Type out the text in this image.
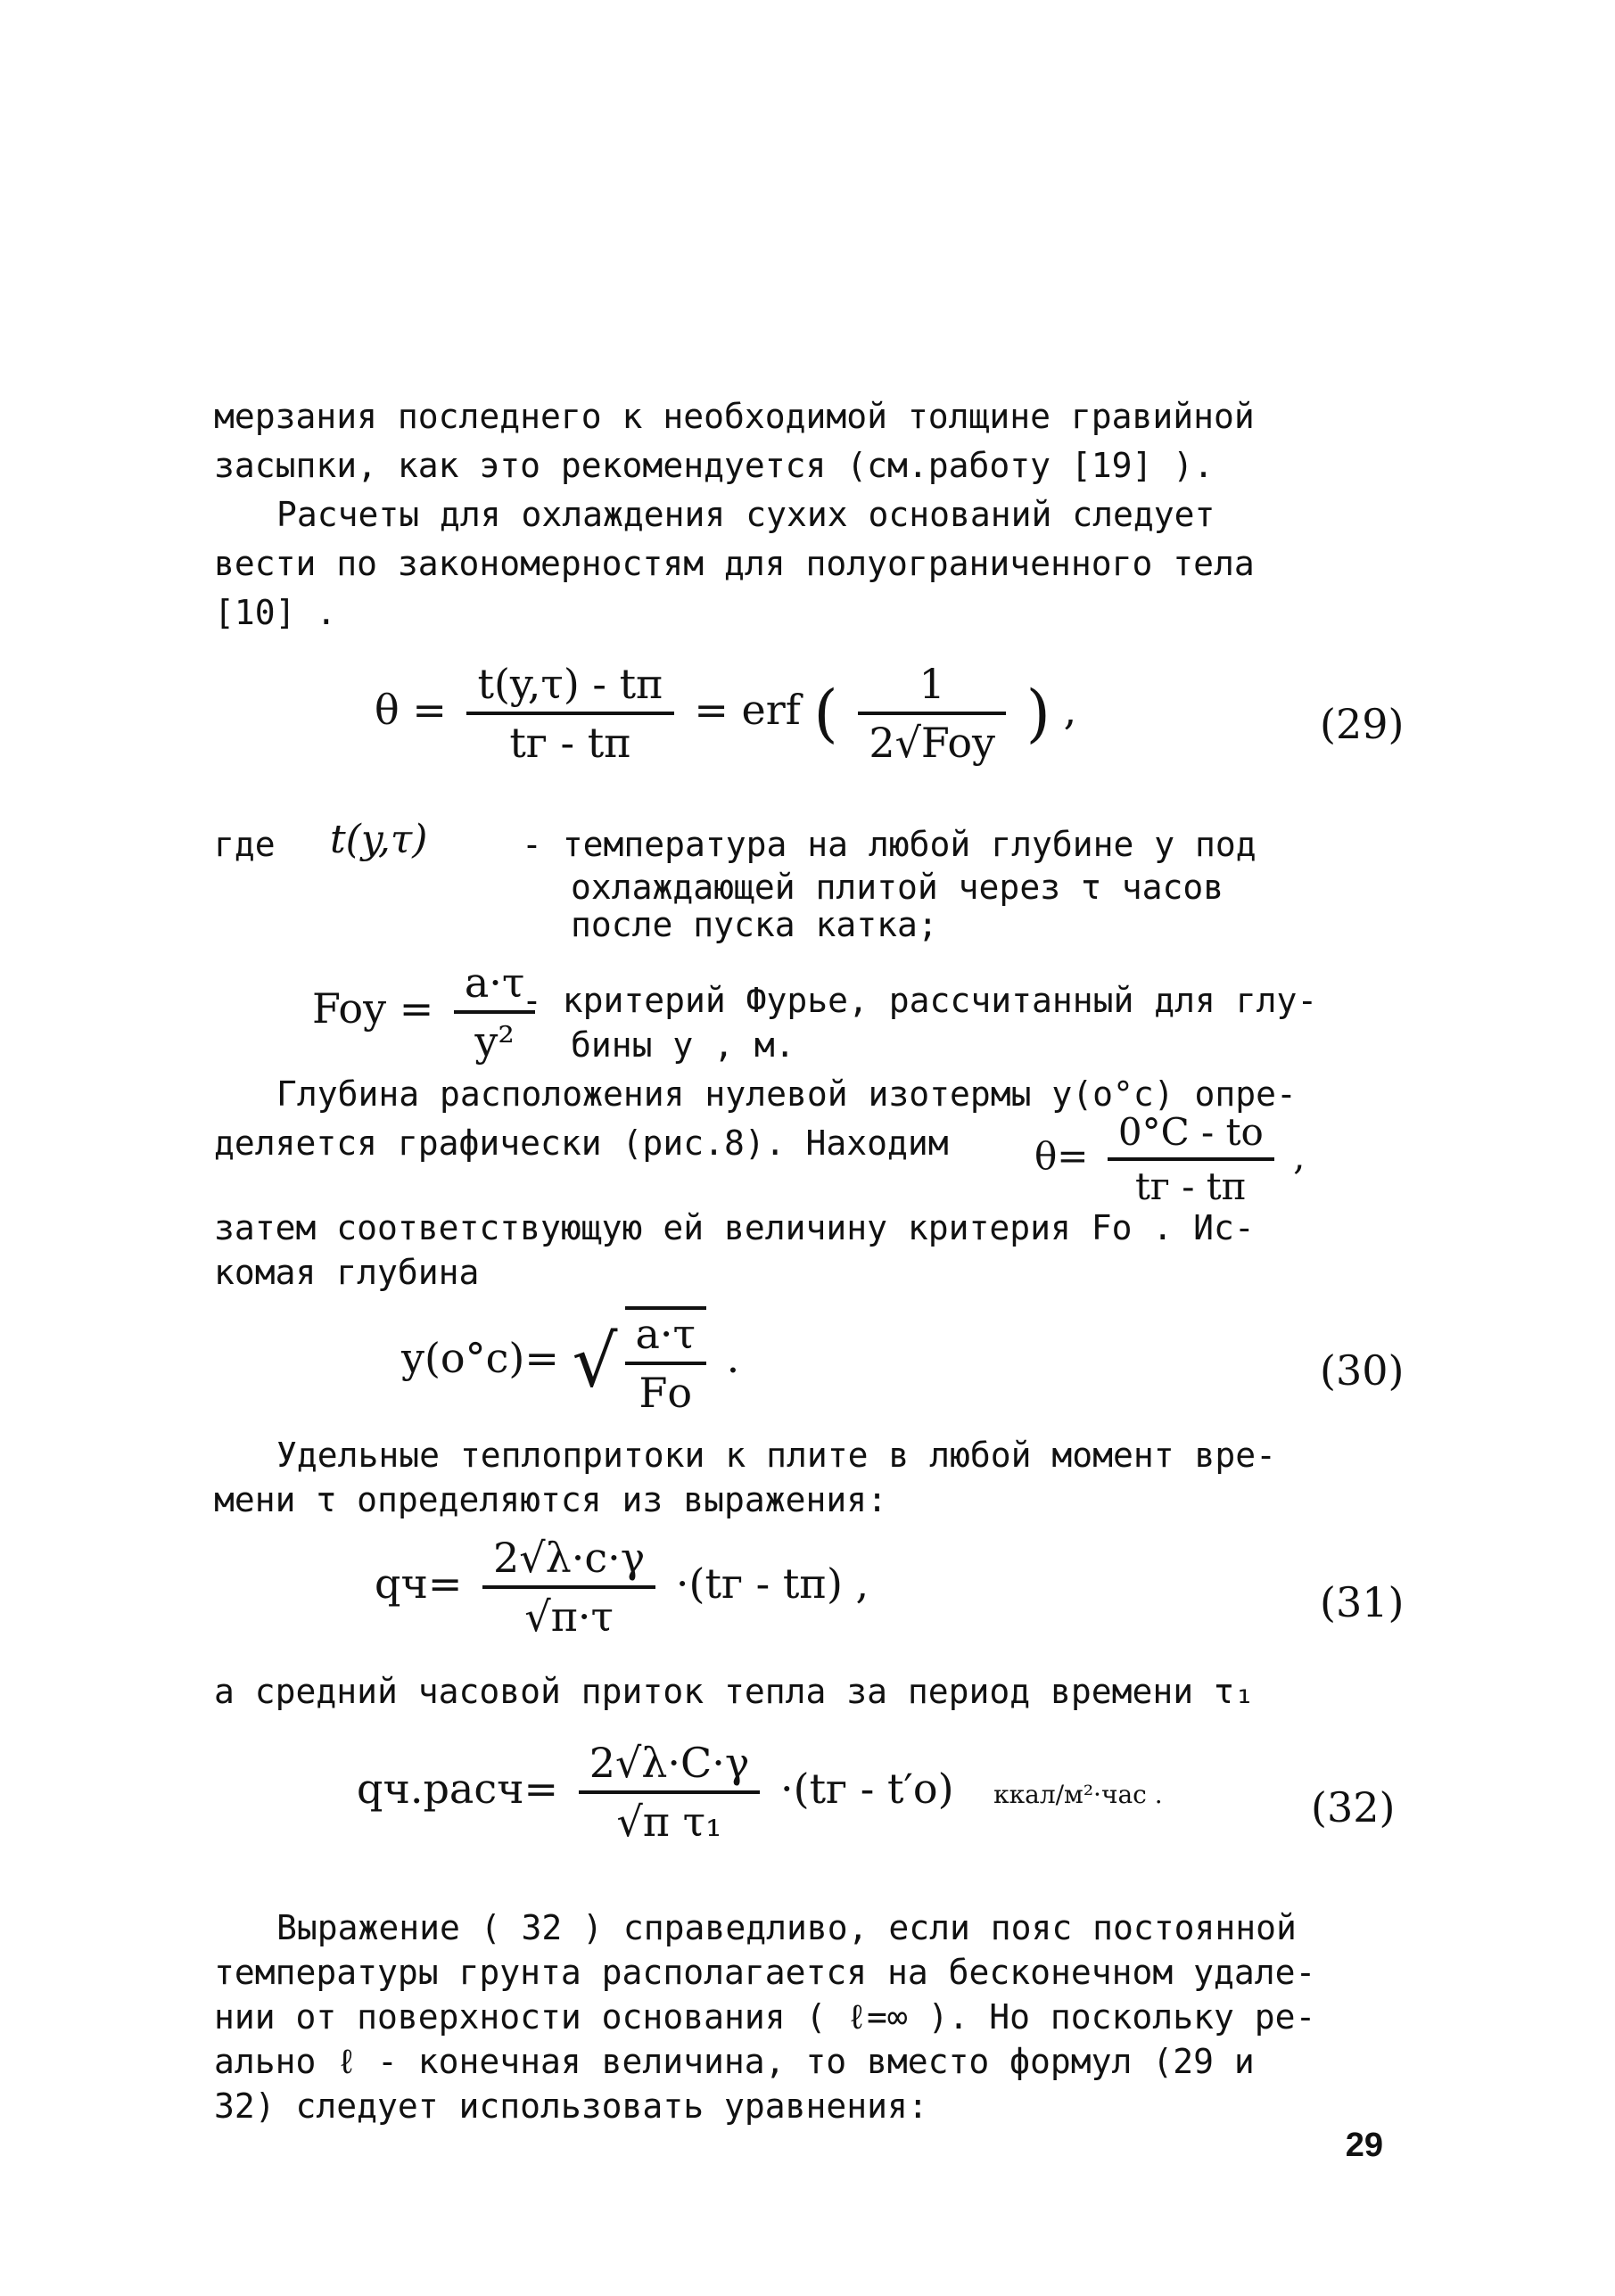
мерзания последнего к необходимой толщине гравийной
засыпки, как это рекомендуется (см.работу [19] ).
Расчеты для охлаждения сухих оснований следует
вести по закономерностям для полуограниченного тела
[10] .
$\theta = \frac{t(y,\tau) - tп}{tг - tп}$ = erf ( $\frac{1}{\text{2√Foy}}$ ) ,	(29)
где t(y,τ)	- температура на любой глубине у под
охлаждающей плитой через τ часов
после пуска катка;
Foy = $\frac{a\cdot\tau}{\text{y²}}$
- критерий Фурье, рассчитанный для глу-
бины у , м.
Глубина расположения нулевой изотермы у(о°с) опре-
деляется графически (рис.8). Находим $\theta= \frac{0^\circ C - tо}{tг - tп}$ ,
затем соответствующую ей величину критерия Fо . Ис-
комая глубина
y(о°с)= √ $\frac{a\cdot\tau}{Fо}$ .	(30)
Удельные теплопритоки к плите в любой момент вре-
мени τ определяются из выражения:
$qч= \frac{2√\lambda\cdot c\cdot\gamma}{√\pi\cdot\tau} \cdot(tг - tп)$ ,	(31)
а средний часовой приток тепла за период времени τ₁
qч.расч= $\frac{2√\lambda\cdot C\cdot\gamma}{\text{√π τ₁}} \cdot(tг - t'о)$ ккал/м²·час .	(32)
Выражение ( 32 ) справедливо, если пояс постоянной
температуры грунта располагается на бесконечном удале-
нии от поверхности основания ( ℓ=∞ ). Но поскольку ре-
ально ℓ - конечная величина, то вместо формул (29 и
32) следует использовать уравнения:
29
